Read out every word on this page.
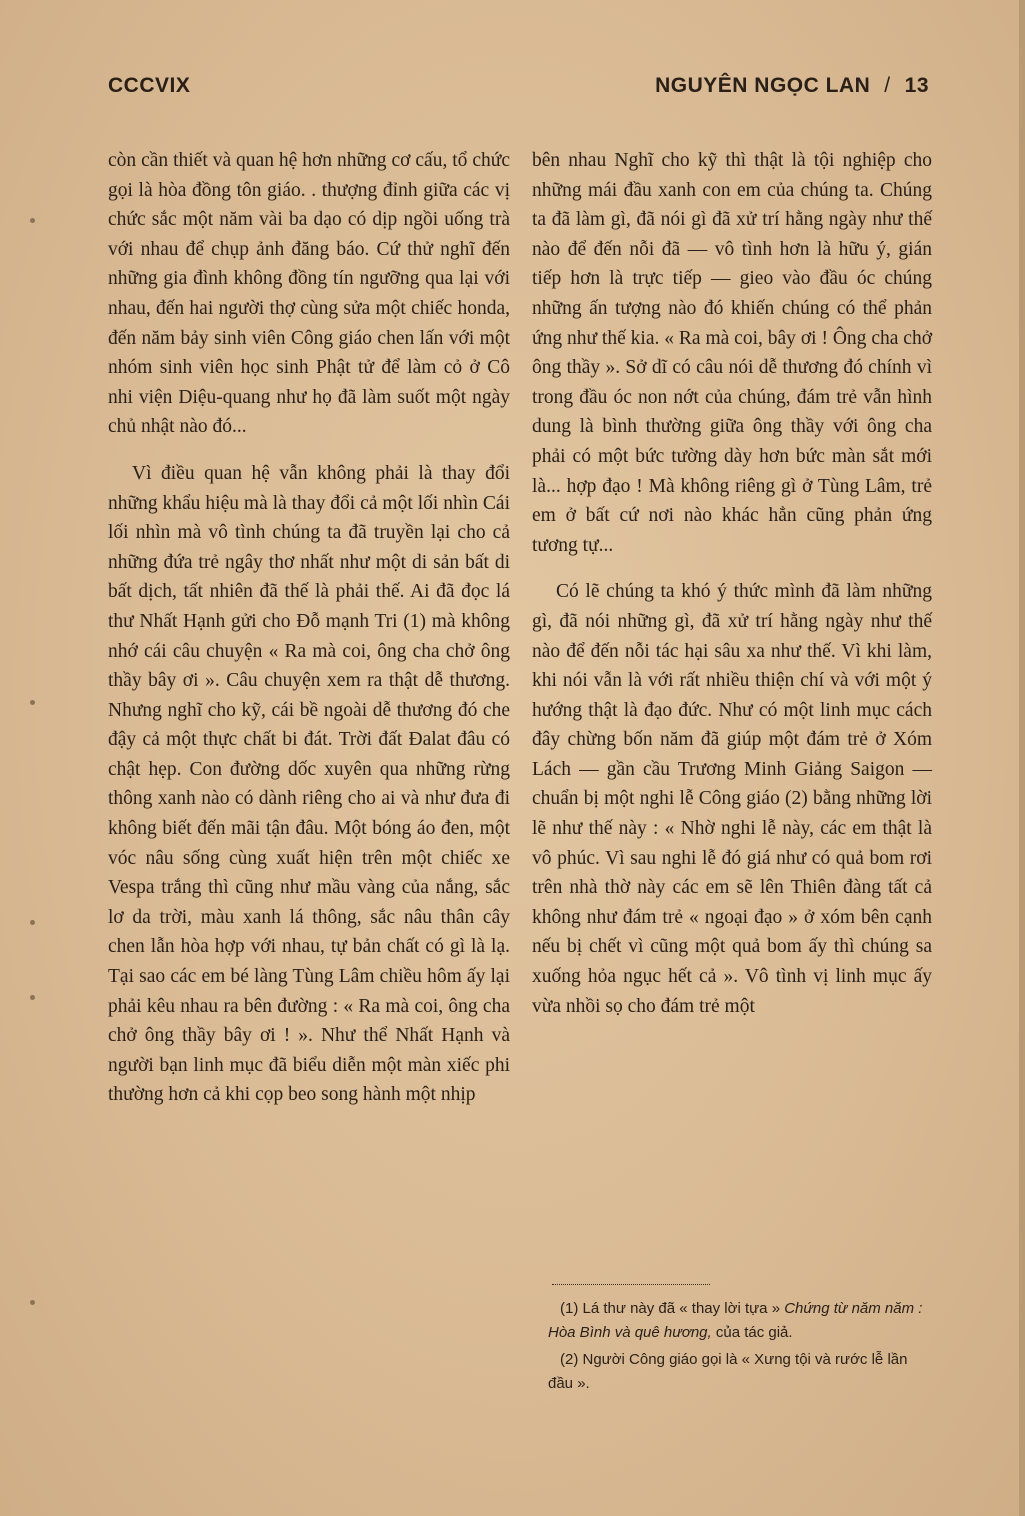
CCCVIX	NGUYÊN NGỌC LAN / 13

còn cần thiết và quan hệ hơn những cơ cấu, tổ chức gọi là hòa đồng tôn giáo. . thượng đỉnh giữa các vị chức sắc một năm vài ba dạo có dịp ngồi uống trà với nhau để chụp ảnh đăng báo. Cứ thử nghĩ đến những gia đình không đồng tín ngưỡng qua lại với nhau, đến hai người thợ cùng sửa một chiếc honda, đến năm bảy sinh viên Công giáo chen lấn với một nhóm sinh viên học sinh Phật tử để làm cỏ ở Cô nhi viện Diệu-quang như họ đã làm suốt một ngày chủ nhật nào đó...

Vì điều quan hệ vẫn không phải là thay đổi những khẩu hiệu mà là thay đổi cả một lối nhìn Cái lối nhìn mà vô tình chúng ta đã truyền lại cho cả những đứa trẻ ngây thơ nhất như một di sản bất di bất dịch, tất nhiên đã thế là phải thế. Ai đã đọc lá thư Nhất Hạnh gửi cho Đỗ mạnh Tri (1) mà không nhớ cái câu chuyện « Ra mà coi, ông cha chở ông thầy bây ơi ». Câu chuyện xem ra thật dễ thương. Nhưng nghĩ cho kỹ, cái bề ngoài dễ thương đó che đậy cả một thực chất bi đát. Trời đất Đalat đâu có chật hẹp. Con đường dốc xuyên qua những rừng thông xanh nào có dành riêng cho ai và như đưa đi không biết đến mãi tận đâu. Một bóng áo đen, một vóc nâu sống cùng xuất hiện trên một chiếc xe Vespa trắng thì cũng như mầu vàng của nắng, sắc lơ da trời, màu xanh lá thông, sắc nâu thân cây chen lẫn hòa hợp với nhau, tự bản chất có gì là lạ. Tại sao các em bé làng Tùng Lâm chiều hôm ấy lại phải kêu nhau ra bên đường : « Ra mà coi, ông cha chở ông thầy bây ơi ! ». Như thể Nhất Hạnh và người bạn linh mục đã biểu diễn một màn xiếc phi thường hơn cả khi cọp beo song hành một nhịp

bên nhau Nghĩ cho kỹ thì thật là tội nghiệp cho những mái đầu xanh con em của chúng ta. Chúng ta đã làm gì, đã nói gì đã xử trí hằng ngày như thế nào để đến nỗi đã — vô tình hơn là hữu ý, gián tiếp hơn là trực tiếp — gieo vào đầu óc chúng những ấn tượng nào đó khiến chúng có thể phản ứng như thế kia. « Ra mà coi, bây ơi ! Ông cha chở ông thầy ». Sở dĩ có câu nói dễ thương đó chính vì trong đầu óc non nớt của chúng, đám trẻ vẫn hình dung là bình thường giữa ông thầy với ông cha phải có một bức tường dày hơn bức màn sắt mới là... hợp đạo ! Mà không riêng gì ở Tùng Lâm, trẻ em ở bất cứ nơi nào khác hẳn cũng phản ứng tương tự...

Có lẽ chúng ta khó ý thức mình đã làm những gì, đã nói những gì, đã xử trí hằng ngày như thế nào để đến nỗi tác hại sâu xa như thế. Vì khi làm, khi nói vẫn là với rất nhiều thiện chí và với một ý hướng thật là đạo đức. Như có một linh mục cách đây chừng bốn năm đã giúp một đám trẻ ở Xóm Lách — gần cầu Trương Minh Giảng Saigon — chuẩn bị một nghi lễ Công giáo (2) bằng những lời lẽ như thế này : « Nhờ nghi lễ này, các em thật là vô phúc. Vì sau nghi lễ đó giá như có quả bom rơi trên nhà thờ này các em sẽ lên Thiên đàng tất cả không như đám trẻ « ngoại đạo » ở xóm bên cạnh nếu bị chết vì cũng một quả bom ấy thì chúng sa xuống hỏa ngục hết cả ». Vô tình vị linh mục ấy vừa nhồi sọ cho đám trẻ một

(1) Lá thư này đã « thay lời tựa » Chứng từ năm năm : Hòa Bình và quê hương, của tác giả.

(2) Người Công giáo gọi là « Xưng tội và rước lễ lần đầu ».
